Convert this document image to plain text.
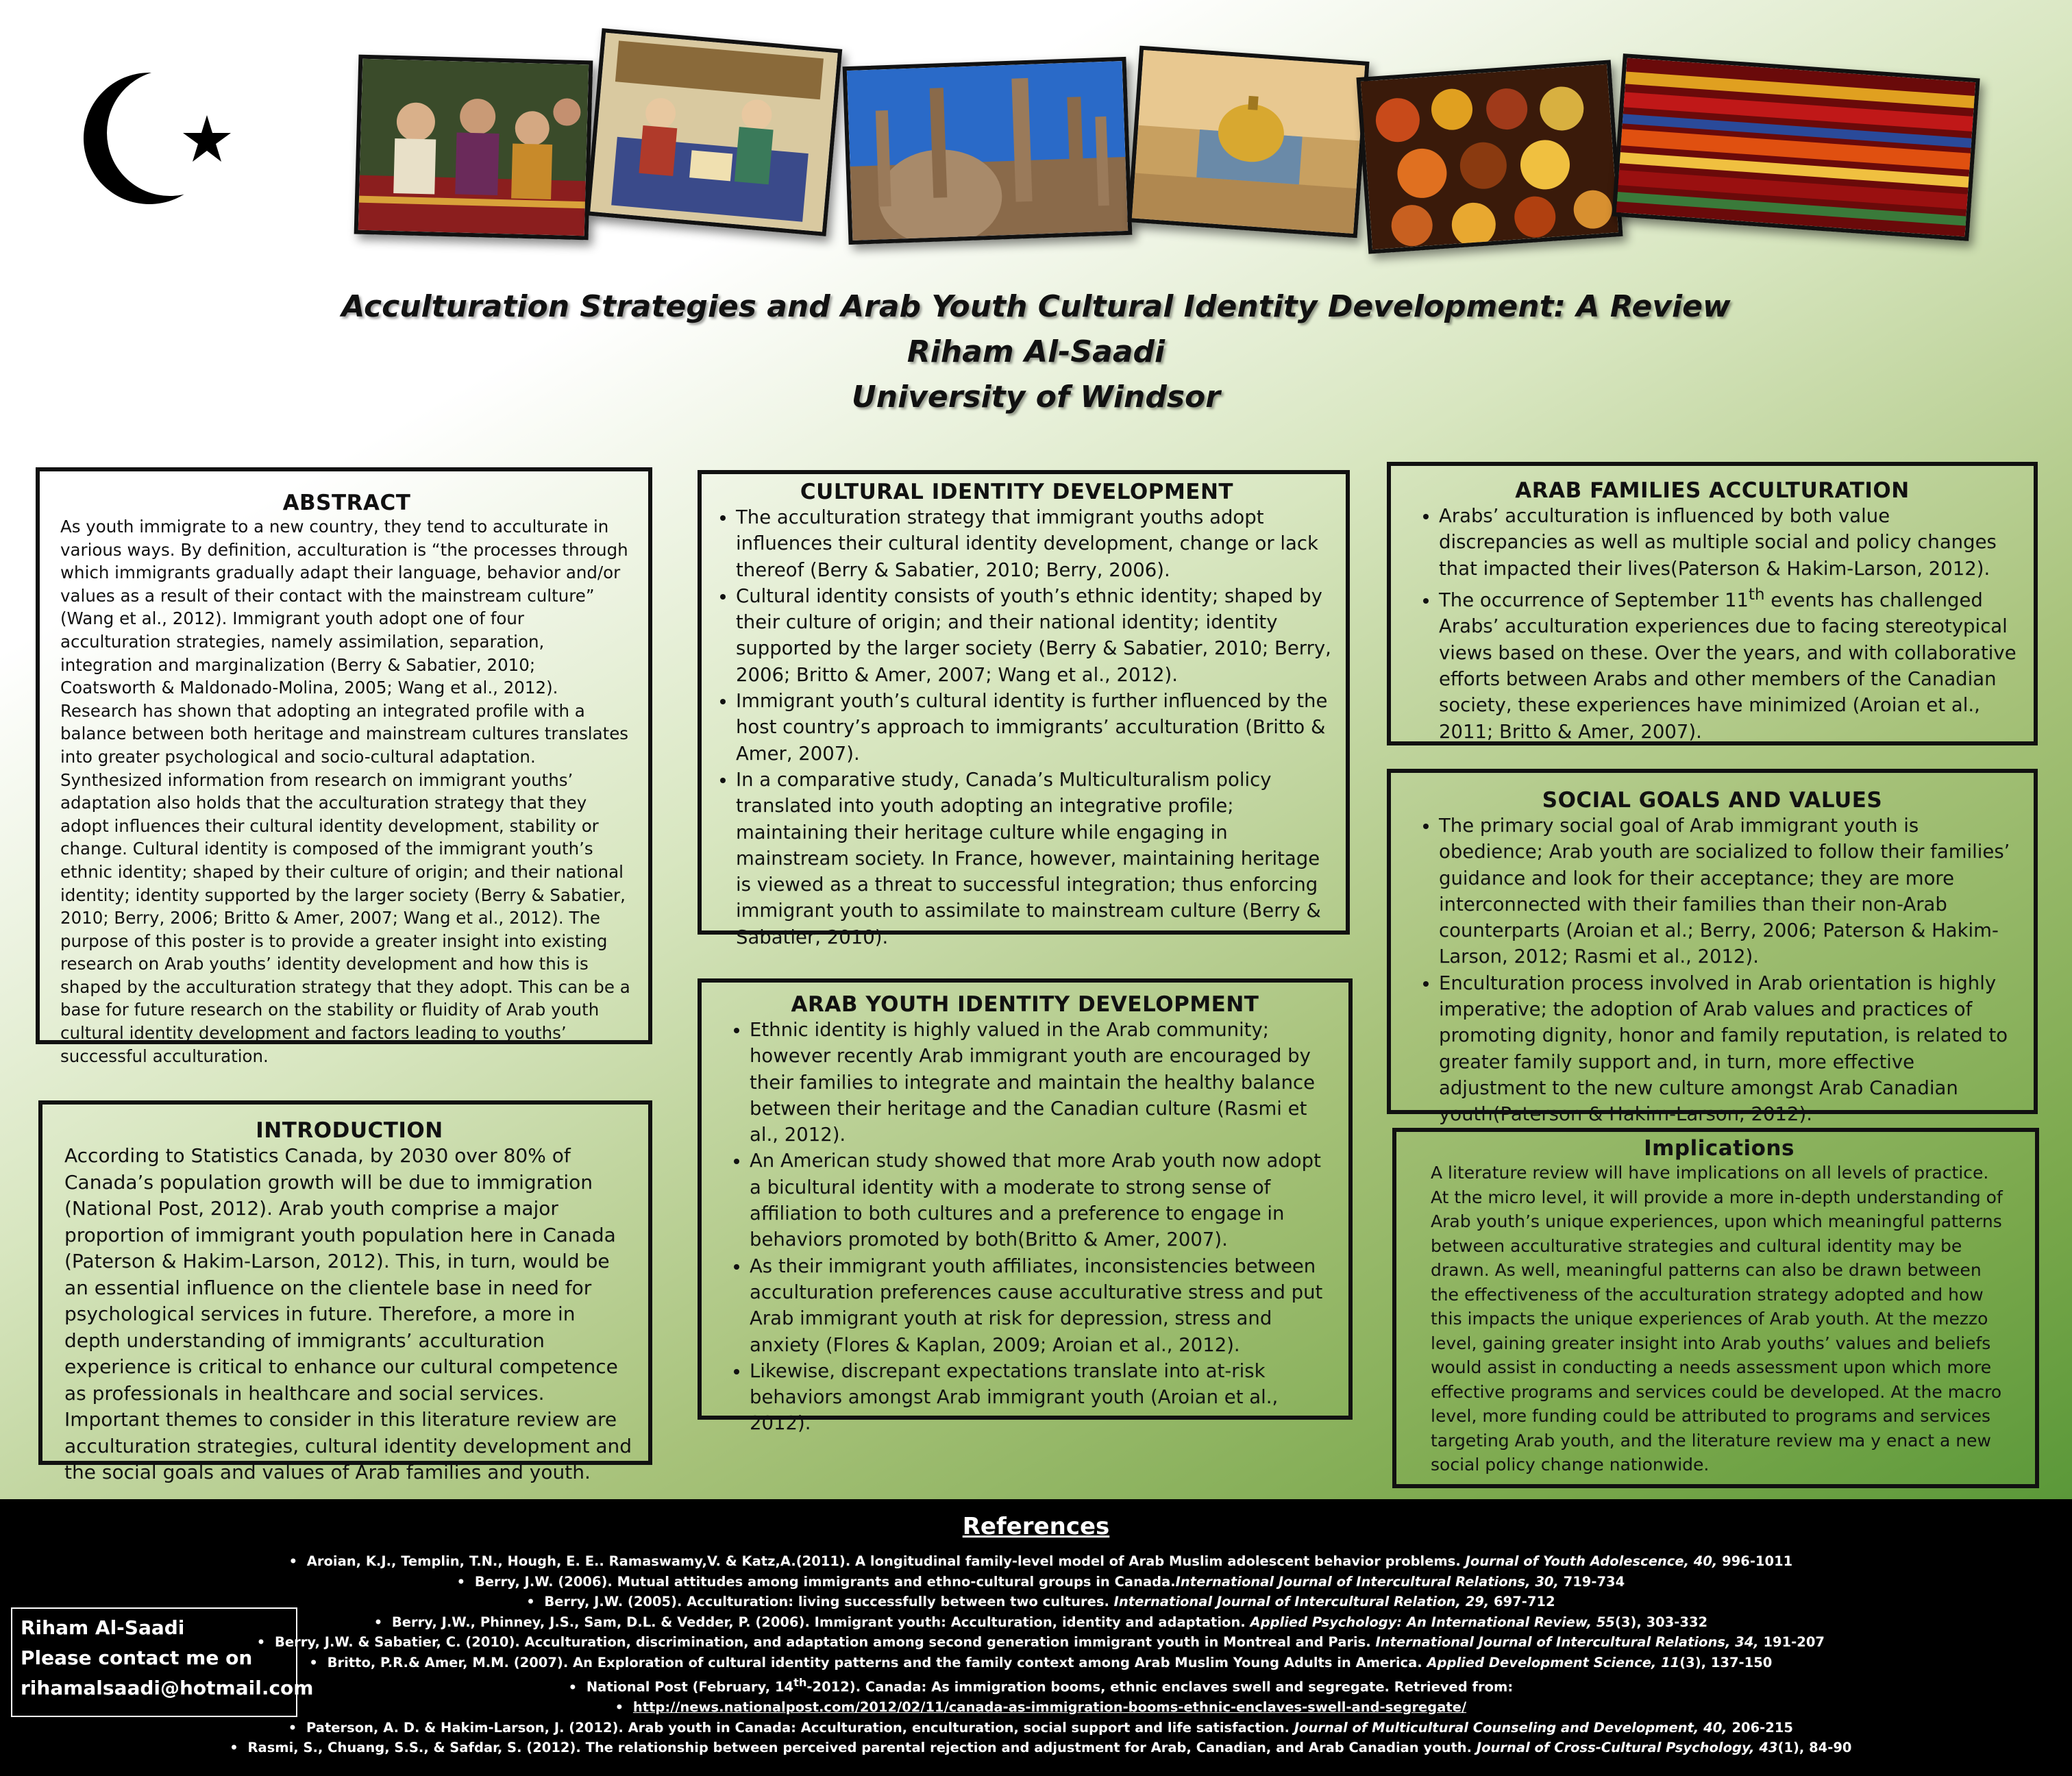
Acculturation Strategies and Arab Youth Cultural Identity Development: A Review
Riham Al-Saadi
University of Windsor
ABSTRACT

As youth immigrate to a new country, they tend to acculturate in various ways. By definition, acculturation is “the processes through which immigrants gradually adapt their language, behavior and/or values as a result of their contact with the mainstream culture” (Wang et al., 2012). Immigrant youth adopt one of four acculturation strategies, namely assimilation, separation, integration and marginalization (Berry & Sabatier, 2010; Coatsworth & Maldonado-Molina, 2005; Wang et al., 2012). Research has shown that adopting an integrated profile with a balance between both heritage and mainstream cultures translates into greater psychological and socio-cultural adaptation. Synthesized information from research on immigrant youths’ adaptation also holds that the acculturation strategy that they adopt influences their cultural identity development, stability or change. Cultural identity is composed of the immigrant youth’s ethnic identity; shaped by their culture of origin; and their national identity; identity supported by the larger society (Berry & Sabatier, 2010; Berry, 2006; Britto & Amer, 2007; Wang et al., 2012). The purpose of this poster is to provide a greater insight into existing research on Arab youths’ identity development and how this is shaped by the acculturation strategy that they adopt. This can be a base for future research on the stability or fluidity of Arab youth cultural identity development and factors leading to youths’ successful acculturation.

INTRODUCTION

According to Statistics Canada, by 2030 over 80% of Canada’s population growth will be due to immigration (National Post, 2012). Arab youth comprise a major proportion of immigrant youth population here in Canada (Paterson & Hakim-Larson, 2012). This, in turn, would be an essential influence on the clientele base in need for psychological services in future. Therefore, a more in depth understanding of immigrants’ acculturation experience is critical to enhance our cultural competence as professionals in healthcare and social services. Important themes to consider in this literature review are acculturation strategies, cultural identity development and the social goals and values of Arab families and youth.

CULTURAL IDENTITY DEVELOPMENT
• The acculturation strategy that immigrant youths adopt influences their cultural identity development, change or lack thereof (Berry & Sabatier, 2010; Berry, 2006).
• Cultural identity consists of youth’s ethnic identity; shaped by their culture of origin; and their national identity; identity supported by the larger society (Berry & Sabatier, 2010; Berry, 2006; Britto & Amer, 2007; Wang et al., 2012).
• Immigrant youth’s cultural identity is further influenced by the host country’s approach to immigrants’ acculturation (Britto & Amer, 2007).
• In a comparative study, Canada’s Multiculturalism policy translated into youth adopting an integrative profile; maintaining their heritage culture while engaging in mainstream society. In France, however, maintaining heritage is viewed as a threat to successful integration; thus enforcing immigrant youth to assimilate to mainstream culture (Berry & Sabatier, 2010).
ARAB YOUTH IDENTITY DEVELOPMENT
• Ethnic identity is highly valued in the Arab community; however recently Arab immigrant youth are encouraged by their families to integrate and maintain the healthy balance between their heritage and the Canadian culture (Rasmi et al., 2012).
• An American study showed that more Arab youth now adopt a bicultural identity with a moderate to strong sense of affiliation to both cultures and a preference to engage in behaviors promoted by both(Britto & Amer, 2007).
• As their immigrant youth affiliates, inconsistencies between acculturation preferences cause acculturative stress and put Arab immigrant youth at risk for depression, stress and anxiety (Flores & Kaplan, 2009; Aroian et al., 2012).
• Likewise, discrepant expectations translate into at-risk behaviors amongst Arab immigrant youth (Aroian et al., 2012).
ARAB FAMILIES ACCULTURATION
• Arabs’ acculturation is influenced by both value discrepancies as well as multiple social and policy changes that impacted their lives(Paterson & Hakim-Larson, 2012).
• The occurrence of September 11th events has challenged Arabs’ acculturation experiences due to facing stereotypical views based on these. Over the years, and with collaborative efforts between Arabs and other members of the Canadian society, these experiences have minimized (Aroian et al., 2011; Britto & Amer, 2007).
SOCIAL GOALS AND VALUES
• The primary social goal of Arab immigrant youth is obedience; Arab youth are socialized to follow their families’ guidance and look for their acceptance; they are more interconnected with their families than their non-Arab counterparts (Aroian et al.; Berry, 2006; Paterson & Hakim-Larson, 2012; Rasmi et al., 2012).
• Enculturation process involved in Arab orientation is highly imperative; the adoption of Arab values and practices of promoting dignity, honor and family reputation, is related to greater family support and, in turn, more effective adjustment to the new culture amongst Arab Canadian youth(Paterson & Hakim-Larson, 2012).
Implications

A literature review will have implications on all levels of practice. At the micro level, it will provide a more in-depth understanding of Arab youth’s unique experiences, upon which meaningful patterns between acculturative strategies and cultural identity may be drawn. As well, meaningful patterns can also be drawn between the effectiveness of the acculturation strategy adopted and how this impacts the unique experiences of Arab youth. At the mezzo level, gaining greater insight into Arab youths’ values and beliefs would assist in conducting a needs assessment upon which more effective programs and services could be developed. At the macro level, more funding could be attributed to programs and services targeting Arab youth, and the literature review ma y enact a new social policy change nationwide.

References
• Aroian, K.J., Templin, T.N., Hough, E. E.. Ramaswamy,V. & Katz,A.(2011). A longitudinal family-level model of Arab Muslim adolescent behavior problems. Journal of Youth Adolescence, 40, 996-1011
• Berry, J.W. (2006). Mutual attitudes among immigrants and ethno-cultural groups in Canada.International Journal of Intercultural Relations, 30, 719-734
• Berry, J.W. (2005). Acculturation: living successfully between two cultures. International Journal of Intercultural Relation, 29, 697-712
• Berry, J.W., Phinney, J.S., Sam, D.L. & Vedder, P. (2006). Immigrant youth: Acculturation, identity and adaptation. Applied Psychology: An International Review, 55(3), 303-332
• Berry, J.W. & Sabatier, C. (2010). Acculturation, discrimination, and adaptation among second generation immigrant youth in Montreal and Paris. International Journal of Intercultural Relations, 34, 191-207
• Britto, P.R.& Amer, M.M. (2007). An Exploration of cultural identity patterns and the family context among Arab Muslim Young Adults in America. Applied Development Science, 11(3), 137-150
• National Post (February, 14th-2012). Canada: As immigration booms, ethnic enclaves swell and segregate. Retrieved from:
• http://news.nationalpost.com/2012/02/11/canada-as-immigration-booms-ethnic-enclaves-swell-and-segregate/
• Paterson, A. D. & Hakim-Larson, J. (2012). Arab youth in Canada: Acculturation, enculturation, social support and life satisfaction. Journal of Multicultural Counseling and Development, 40, 206-215
• Rasmi, S., Chuang, S.S., & Safdar, S. (2012). The relationship between perceived parental rejection and adjustment for Arab, Canadian, and Arab Canadian youth. Journal of Cross-Cultural Psychology, 43(1), 84-90
Riham Al-Saadi
Please contact me on
rihamalsaadi@hotmail.com
